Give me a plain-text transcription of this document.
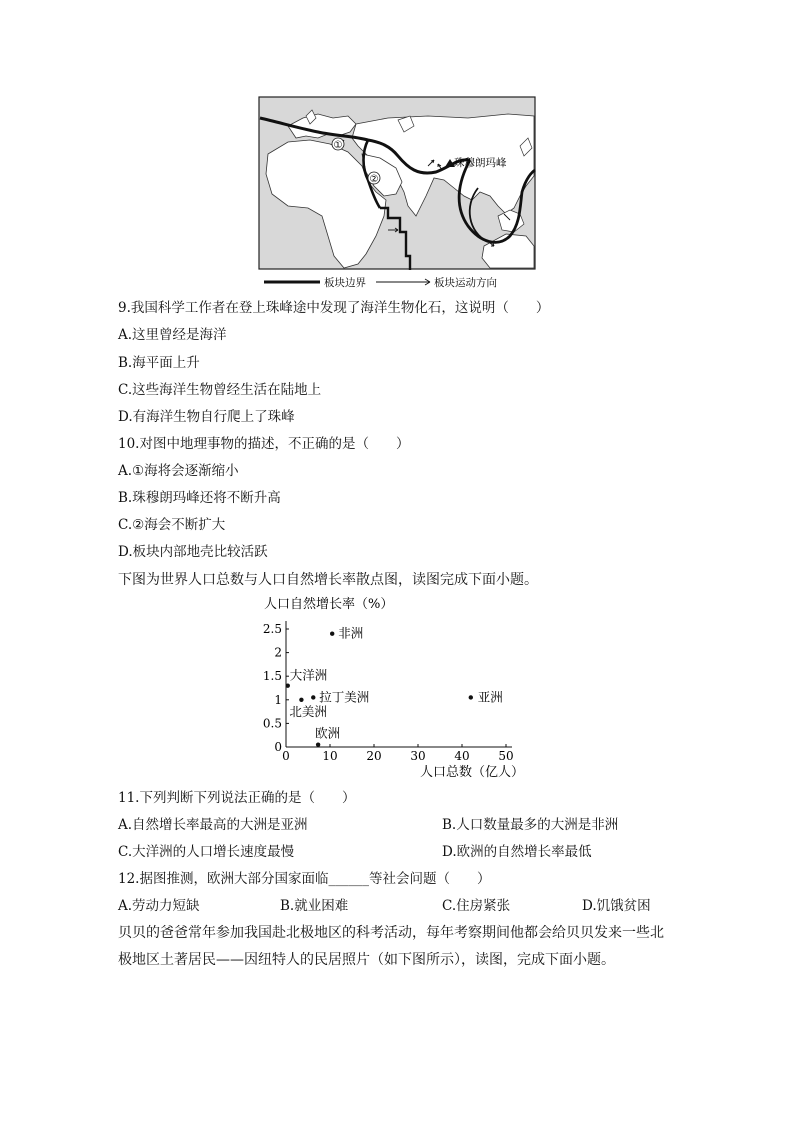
①
②
珠穆朗玛峰
板块边界	板块运动方向
9.我国科学工作者在登上珠峰途中发现了海洋生物化石，这说明（　　）
A.这里曾经是海洋
B.海平面上升
C.这些海洋生物曾经生活在陆地上
D.有海洋生物自行爬上了珠峰
10.对图中地理事物的描述，不正确的是（　　）
A.①海将会逐渐缩小
B.珠穆朗玛峰还将不断升高
C.②海会不断扩大
D.板块内部地壳比较活跃
下图为世界人口总数与人口自然增长率散点图，读图完成下面小题。
人口自然增长率（%）
人口总数（亿人）
0	10 20 30 40 50
0
0.5
1
1.5
2
2.5	非洲
大洋洲
北美洲
拉丁美洲	亚洲
欧洲
11.下列判断下列说法正确的是（　　）
A.自然增长率最高的大洲是亚洲	B.人口数量最多的大洲是非洲
C.大洋洲的人口增长速度最慢	D.欧洲的自然增长率最低
12.据图推测，欧洲大部分国家面临______等社会问题（　　）
A.劳动力短缺	B.就业困难	C.住房紧张	D.饥饿贫困
贝贝的爸爸常年参加我国赴北极地区的科考活动，每年考察期间他都会给贝贝发来一些北
极地区土著居民——因纽特人的民居照片（如下图所示），读图，完成下面小题。
